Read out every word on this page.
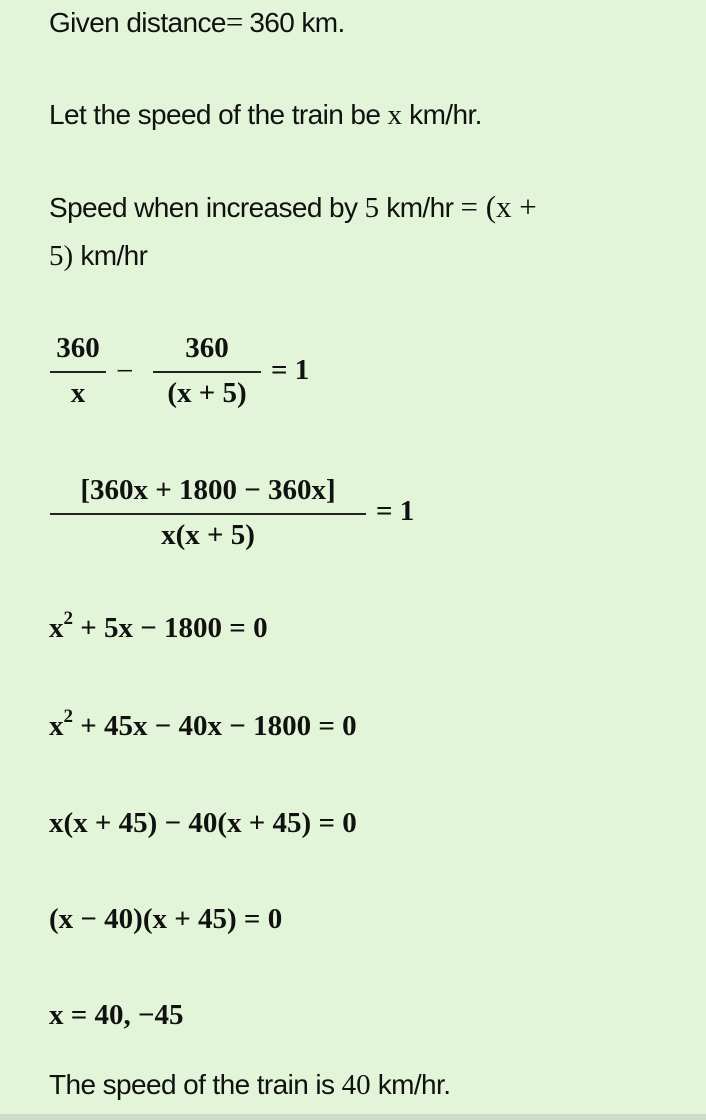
Given distance= 360 km.
Let the speed of the train be x km/hr.
Speed when increased by 5 km/hr = (x +
5) km/hr
360
x
−
360
(x + 5)
= 1
[360x + 1800 − 360x]
x(x + 5)
= 1
$x^2 + 5x - 1800 = 0$
$x^2 + 45x - 40x - 1800 = 0$
x(x + 45) − 40(x + 45) = 0
(x − 40)(x + 45) = 0
x = 40, −45
The speed of the train is 40 km/hr.
